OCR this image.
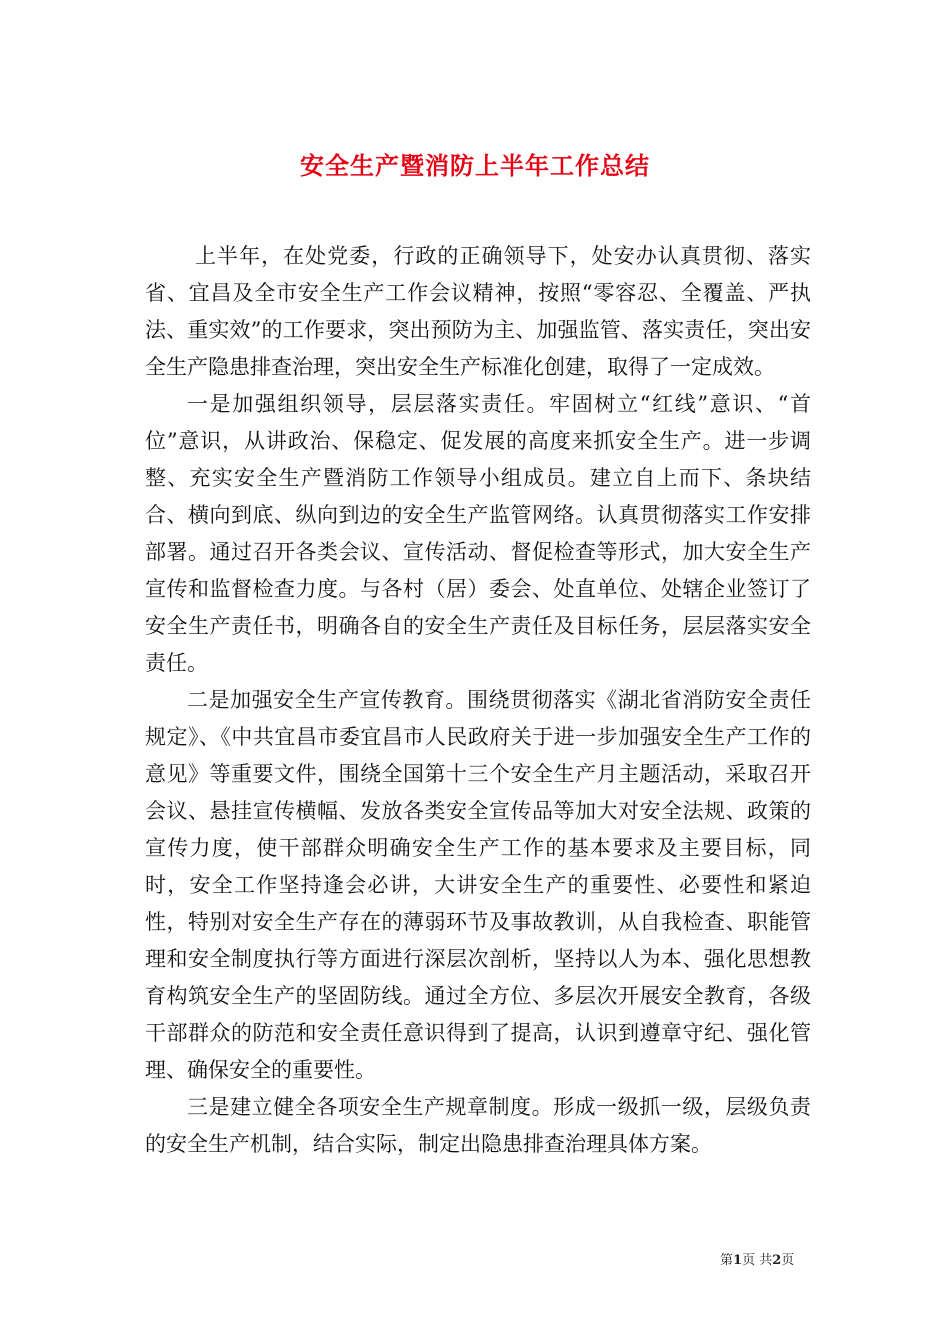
安全生产暨消防上半年工作总结

上半年，在处党委，行政的正确领导下，处安办认真贯彻、落实省、宜昌及全市安全生产工作会议精神，按照“零容忍、全覆盖、严执法、重实效”的工作要求，突出预防为主、加强监管、落实责任，突出安全生产隐患排查治理，突出安全生产标准化创建，取得了一定成效。

一是加强组织领导，层层落实责任。牢固树立“红线”意识、“首位”意识，从讲政治、保稳定、促发展的高度来抓安全生产。进一步调整、充实安全生产暨消防工作领导小组成员。建立自上而下、条块结合、横向到底、纵向到边的安全生产监管网络。认真贯彻落实工作安排部署。通过召开各类会议、宣传活动、督促检查等形式，加大安全生产宣传和监督检查力度。与各村（居）委会、处直单位、处辖企业签订了安全生产责任书，明确各自的安全生产责任及目标任务，层层落实安全责任。

二是加强安全生产宣传教育。围绕贯彻落实《湖北省消防安全责任规定》、《中共宜昌市委宜昌市人民政府关于进一步加强安全生产工作的意见》等重要文件，围绕全国第十三个安全生产月主题活动，采取召开会议、悬挂宣传横幅、发放各类安全宣传品等加大对安全法规、政策的宣传力度，使干部群众明确安全生产工作的基本要求及主要目标，同时，安全工作坚持逢会必讲，大讲安全生产的重要性、必要性和紧迫性，特别对安全生产存在的薄弱环节及事故教训，从自我检查、职能管理和安全制度执行等方面进行深层次剖析，坚持以人为本、强化思想教育构筑安全生产的坚固防线。通过全方位、多层次开展安全教育，各级干部群众的防范和安全责任意识得到了提高，认识到遵章守纪、强化管理、确保安全的重要性。

三是建立健全各项安全生产规章制度。形成一级抓一级，层级负责的安全生产机制，结合实际，制定出隐患排查治理具体方案。

第1页 共2页
